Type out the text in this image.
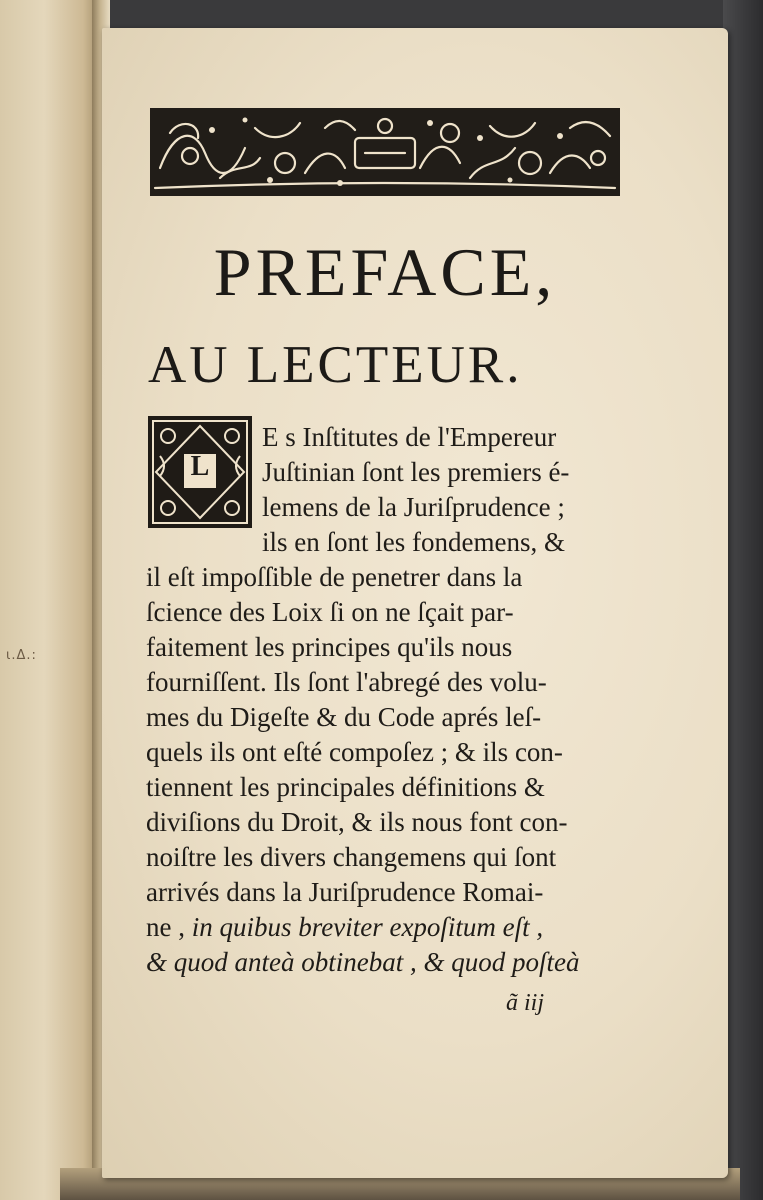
ι.Δ.:
PREFACE,
AU LECTEUR.
L
E s Inſtitutes de l'Empereur
Juſtinian ſont les premiers é-
lemens de la Juriſprudence ;
ils en ſont les fondemens, &
il eſt impoſſible de penetrer dans la
ſcience des Loix ſi on ne ſçait par-
faitement les principes qu'ils nous
fourniſſent. Ils ſont l'abregé des volu-
mes du Digeſte & du Code aprés leſ-
quels ils ont eſté compoſez ; & ils con-
tiennent les principales définitions &
diviſions du Droit, & ils nous font con-
noiſtre les divers changemens qui ſont
arrivés dans la Juriſprudence Romai-
ne , in quibus breviter expoſitum eſt ,
& quod anteà obtinebat , & quod poſteà
ã iij
